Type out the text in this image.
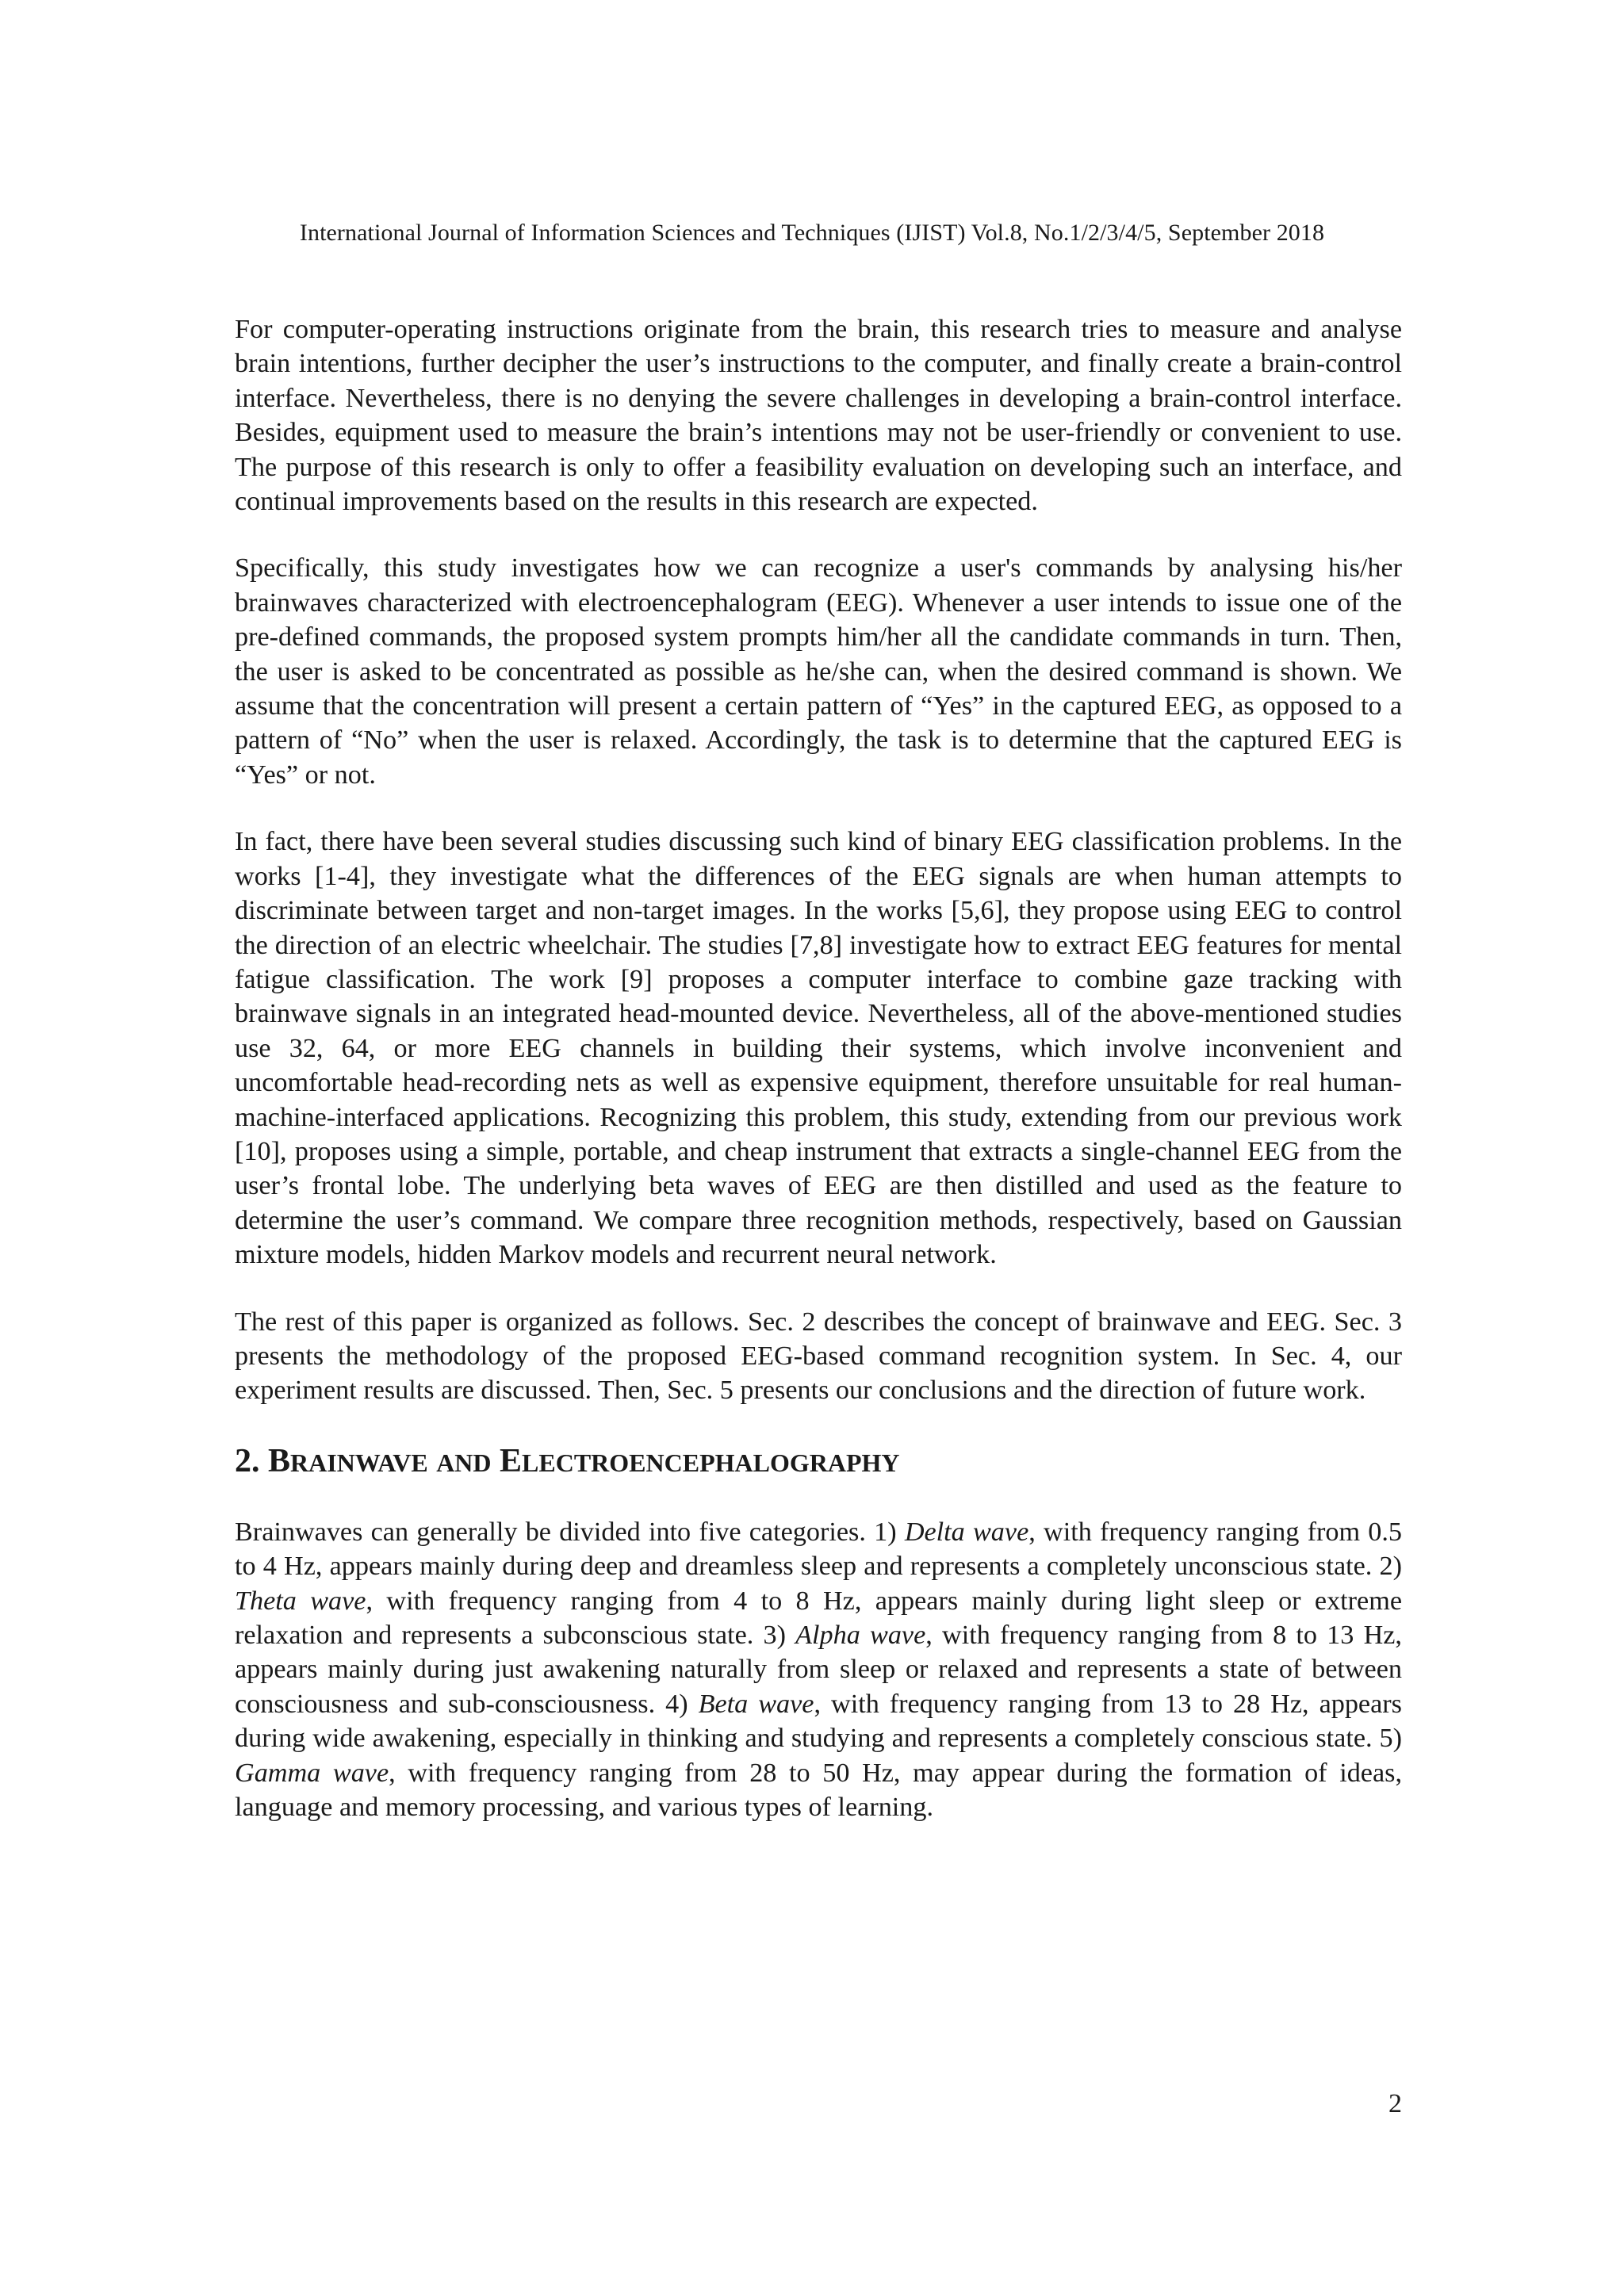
International Journal of Information Sciences and Techniques (IJIST) Vol.8, No.1/2/3/4/5, September 2018

For computer-operating instructions originate from the brain, this research tries to measure and analyse brain intentions, further decipher the user’s instructions to the computer, and finally create a brain-control interface. Nevertheless, there is no denying the severe challenges in developing a brain-control interface. Besides, equipment used to measure the brain’s intentions may not be user-friendly or convenient to use. The purpose of this research is only to offer a feasibility evaluation on developing such an interface, and continual improvements based on the results in this research are expected.

Specifically, this study investigates how we can recognize a user's commands by analysing his/her brainwaves characterized with electroencephalogram (EEG). Whenever a user intends to issue one of the pre-defined commands, the proposed system prompts him/her all the candidate commands in turn. Then, the user is asked to be concentrated as possible as he/she can, when the desired command is shown. We assume that the concentration will present a certain pattern of “Yes” in the captured EEG, as opposed to a pattern of “No” when the user is relaxed. Accordingly, the task is to determine that the captured EEG is “Yes” or not.

In fact, there have been several studies discussing such kind of binary EEG classification problems. In the works [1-4], they investigate what the differences of the EEG signals are when human attempts to discriminate between target and non-target images. In the works [5,6], they propose using EEG to control the direction of an electric wheelchair. The studies [7,8] investigate how to extract EEG features for mental fatigue classification. The work [9] proposes a computer interface to combine gaze tracking with brainwave signals in an integrated head-mounted device. Nevertheless, all of the above-mentioned studies use 32, 64, or more EEG channels in building their systems, which involve inconvenient and uncomfortable head-recording nets as well as expensive equipment, therefore unsuitable for real human-machine-interfaced applications. Recognizing this problem, this study, extending from our previous work [10], proposes using a simple, portable, and cheap instrument that extracts a single-channel EEG from the user’s frontal lobe. The underlying beta waves of EEG are then distilled and used as the feature to determine the user’s command. We compare three recognition methods, respectively, based on Gaussian mixture models, hidden Markov models and recurrent neural network.

The rest of this paper is organized as follows. Sec. 2 describes the concept of brainwave and EEG. Sec. 3 presents the methodology of the proposed EEG-based command recognition system. In Sec. 4, our experiment results are discussed. Then, Sec. 5 presents our conclusions and the direction of future work.

2. BRAINWAVE AND ELECTROENCEPHALOGRAPHY

Brainwaves can generally be divided into five categories. 1) Delta wave, with frequency ranging from 0.5 to 4 Hz, appears mainly during deep and dreamless sleep and represents a completely unconscious state. 2) Theta wave, with frequency ranging from 4 to 8 Hz, appears mainly during light sleep or extreme relaxation and represents a subconscious state. 3) Alpha wave, with frequency ranging from 8 to 13 Hz, appears mainly during just awakening naturally from sleep or relaxed and represents a state of between consciousness and sub-consciousness. 4) Beta wave, with frequency ranging from 13 to 28 Hz, appears during wide awakening, especially in thinking and studying and represents a completely conscious state. 5) Gamma wave, with frequency ranging from 28 to 50 Hz, may appear during the formation of ideas, language and memory processing, and various types of learning.

2
